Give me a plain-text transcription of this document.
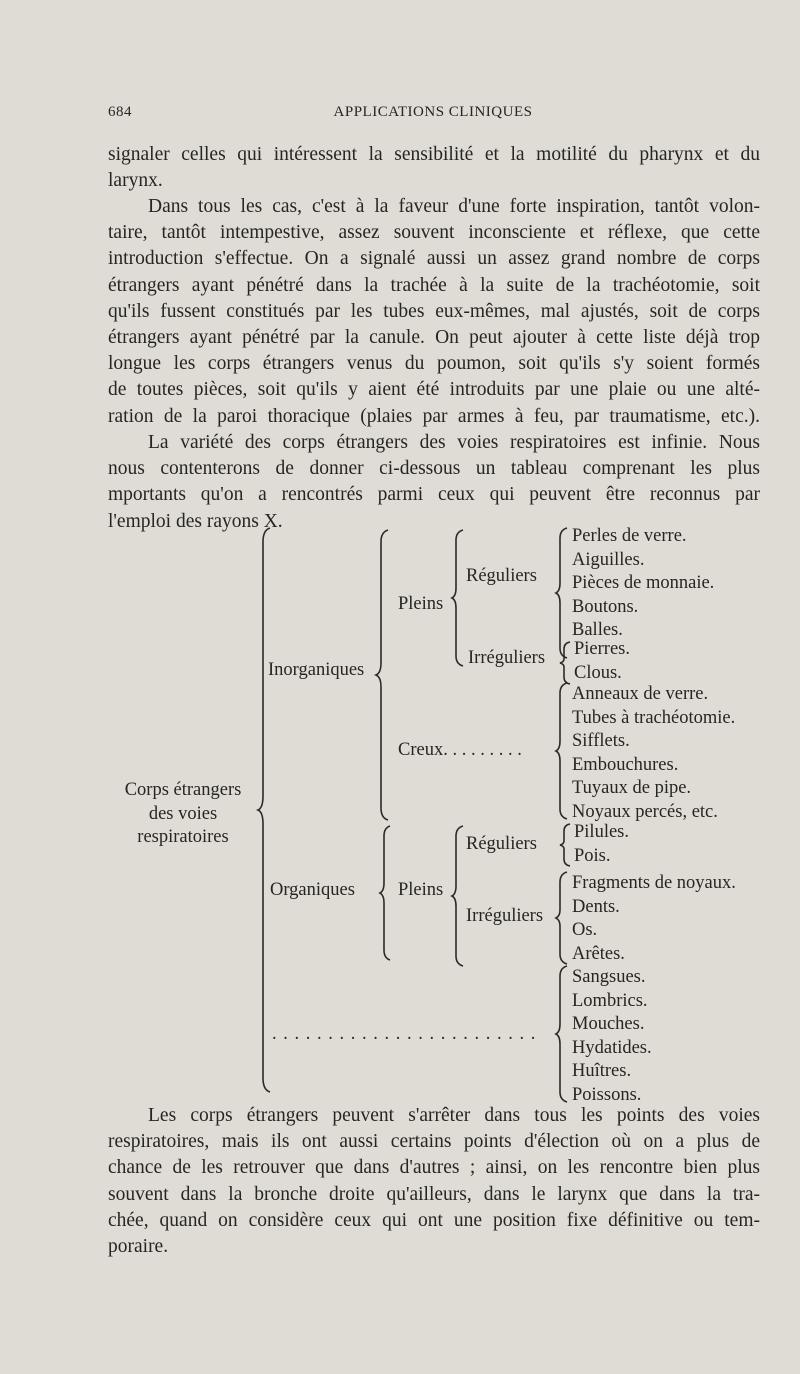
684	APPLICATIONS CLINIQUES
signaler celles qui intéressent la sensibilité et la motilité du pharynx et du
larynx.
Dans tous les cas, c'est à la faveur d'une forte inspiration, tantôt volon-
taire, tantôt intempestive, assez souvent inconsciente et réflexe, que cette
introduction s'effectue. On a signalé aussi un assez grand nombre de corps
étrangers ayant pénétré dans la trachée à la suite de la trachéotomie, soit
qu'ils fussent constitués par les tubes eux-mêmes, mal ajustés, soit de corps
étrangers ayant pénétré par la canule. On peut ajouter à cette liste déjà trop
longue les corps étrangers venus du poumon, soit qu'ils s'y soient formés
de toutes pièces, soit qu'ils y aient été introduits par une plaie ou une alté-
ration de la paroi thoracique (plaies par armes à feu, par traumatisme, etc.).
La variété des corps étrangers des voies respiratoires est infinie. Nous
nous contenterons de donner ci-dessous un tableau comprenant les plus
mportants qu'on a rencontrés parmi ceux qui peuvent être reconnus par
l'emploi des rayons X.
Corps étrangers
des voies
respiratoires
Inorganiques
Organiques
Pleins
Réguliers
Perles de verre.
Aiguilles.
Pièces de monnaie.
Boutons.
Balles.
Irréguliers Pierres.
Clous.
Creux. . . . . . . . .
Anneaux de verre.
Tubes à trachéotomie.
Sifflets.
Embouchures.
Tuyaux de pipe.
Noyaux percés, etc.
Pleins
Réguliers
Pilules.
Pois.
Irréguliers
Fragments de noyaux.
Dents.
Os.
Arêtes.
. . . . . . . . . . . . . . . . . . . . . . . .
Sangsues.
Lombrics.
Mouches.
Hydatides.
Huîtres.
Poissons.
Les corps étrangers peuvent s'arrêter dans tous les points des voies
respiratoires, mais ils ont aussi certains points d'élection où on a plus de
chance de les retrouver que dans d'autres ; ainsi, on les rencontre bien plus
souvent dans la bronche droite qu'ailleurs, dans le larynx que dans la tra-
chée, quand on considère ceux qui ont une position fixe définitive ou tem-
poraire.
